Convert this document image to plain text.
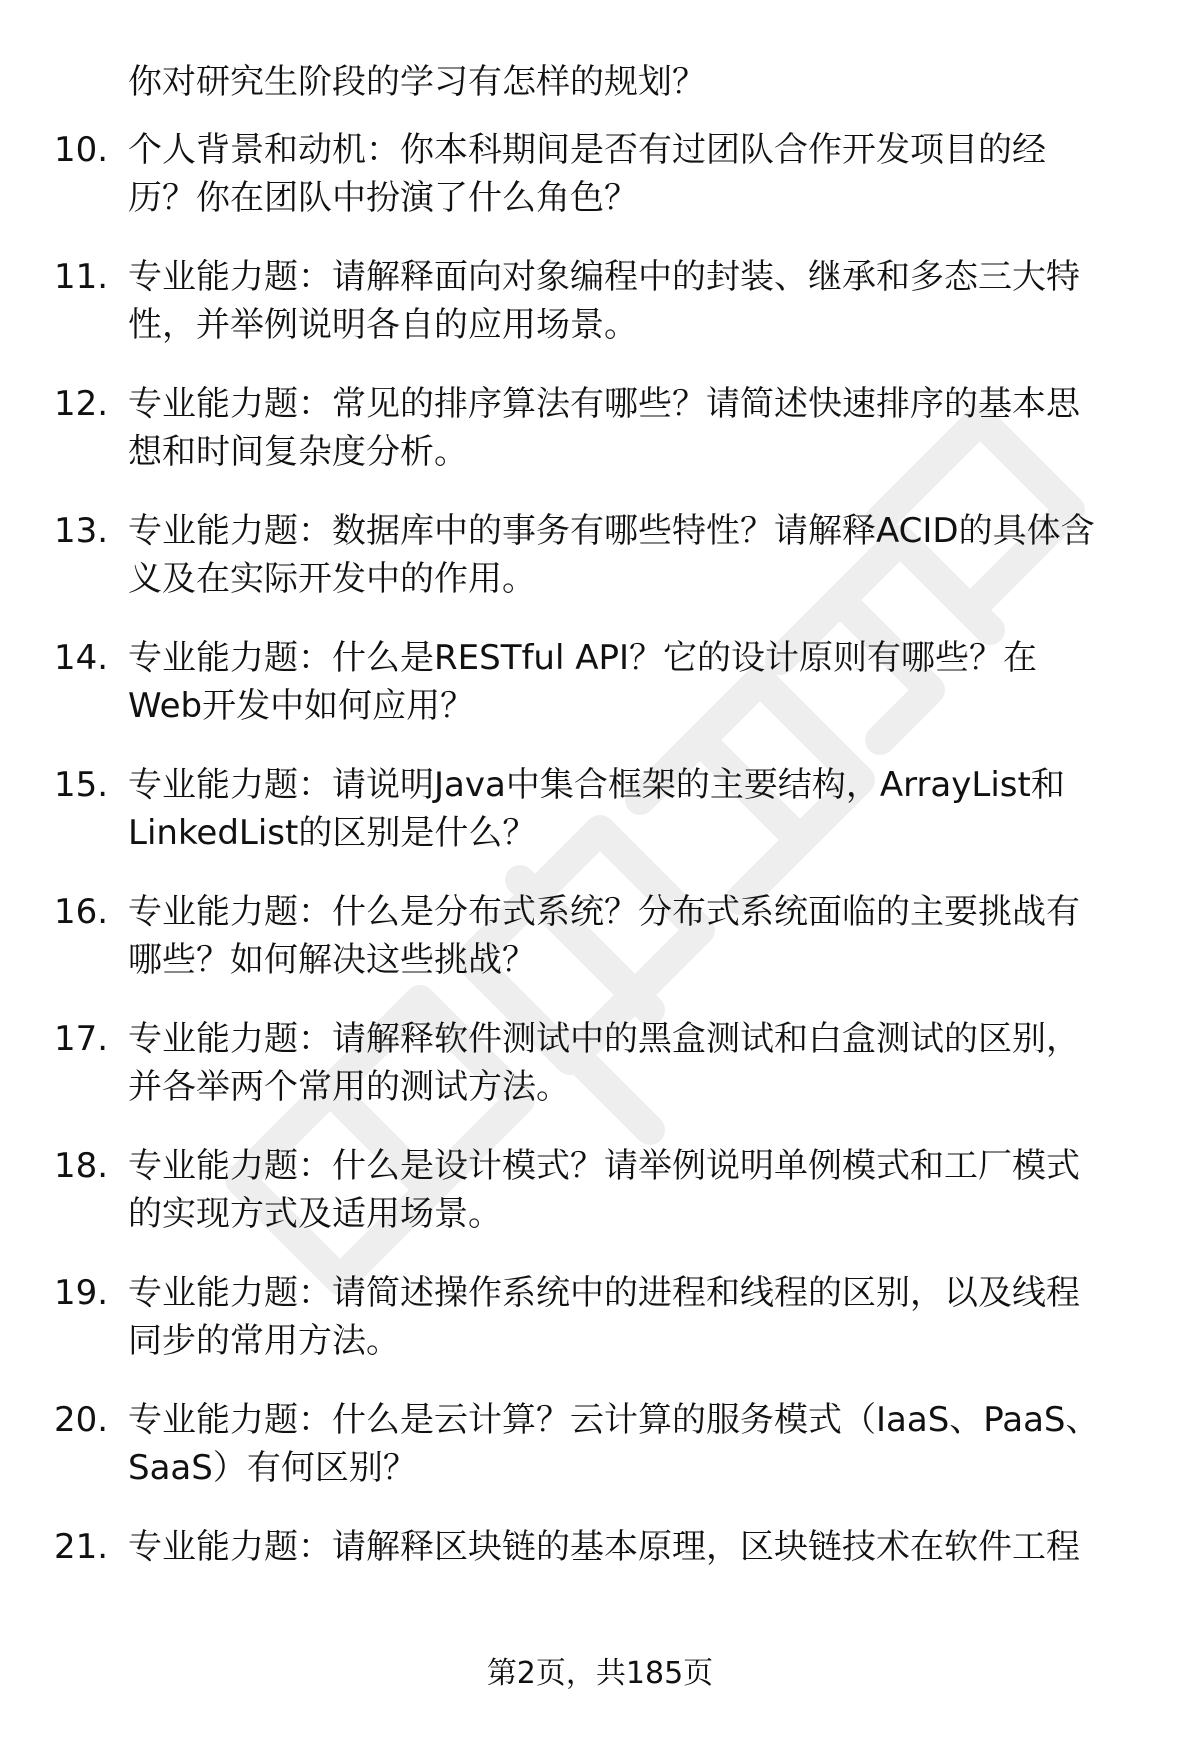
你对研究生阶段的学习有怎样的规划？
10. 个人背景和动机：你本科期间是否有过团队合作开发项目的经
历？你在团队中扮演了什么角色？
11. 专业能力题：请解释面向对象编程中的封装、继承和多态三大特
性，并举例说明各自的应用场景。
12. 专业能力题：常见的排序算法有哪些？请简述快速排序的基本思
想和时间复杂度分析。
13. 专业能力题：数据库中的事务有哪些特性？请解释ACID的具体含
义及在实际开发中的作用。
14. 专业能力题：什么是RESTful API？它的设计原则有哪些？在
Web开发中如何应用？
15. 专业能力题：请说明Java中集合框架的主要结构，ArrayList和
LinkedList的区别是什么？
16. 专业能力题：什么是分布式系统？分布式系统面临的主要挑战有
哪些？如何解决这些挑战？
17. 专业能力题：请解释软件测试中的黑盒测试和白盒测试的区别，
并各举两个常用的测试方法。
18. 专业能力题：什么是设计模式？请举例说明单例模式和工厂模式
的实现方式及适用场景。
19. 专业能力题：请简述操作系统中的进程和线程的区别，以及线程
同步的常用方法。
20. 专业能力题：什么是云计算？云计算的服务模式（IaaS、PaaS、
SaaS）有何区别？
21. 专业能力题：请解释区块链的基本原理，区块链技术在软件工程
第2页，共185页
